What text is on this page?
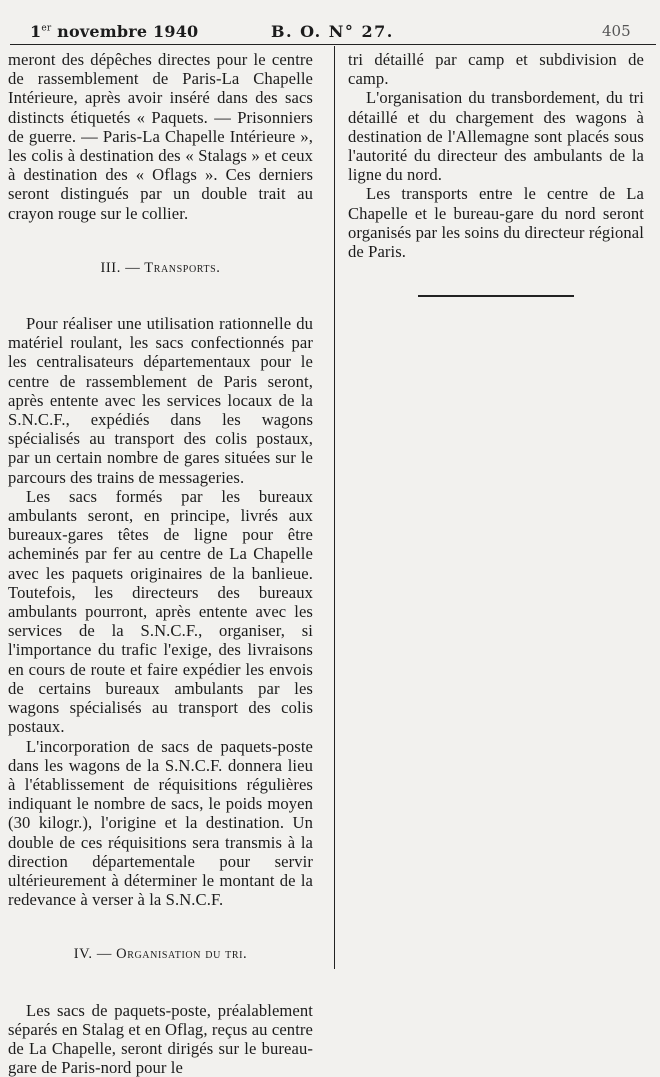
1er novembre 1940	B. O. N° 27.	405

meront des dépêches directes pour le centre de rassemblement de Paris-La Chapelle Intérieure, après avoir inséré dans des sacs distincts étiquetés « Paquets. — Prisonniers de guerre. — Paris-La Chapelle Intérieure », les colis à destination des « Stalags » et ceux à destination des « Oflags ». Ces derniers seront distingués par un double trait au crayon rouge sur le collier.

III. — Transports.

Pour réaliser une utilisation rationnelle du matériel roulant, les sacs confectionnés par les centralisateurs départementaux pour le centre de rassemblement de Paris seront, après entente avec les services locaux de la S.N.C.F., expédiés dans les wagons spécialisés au transport des colis postaux, par un certain nombre de gares situées sur le parcours des trains de messageries.

Les sacs formés par les bureaux ambulants seront, en principe, livrés aux bureaux-gares têtes de ligne pour être acheminés par fer au centre de La Chapelle avec les paquets originaires de la banlieue. Toutefois, les directeurs des bureaux ambulants pourront, après entente avec les services de la S.N.C.F., organiser, si l'importance du trafic l'exige, des livraisons en cours de route et faire expédier les envois de certains bureaux ambulants par les wagons spécialisés au transport des colis postaux.

L'incorporation de sacs de paquets-poste dans les wagons de la S.N.C.F. donnera lieu à l'établissement de réquisitions régulières indiquant le nombre de sacs, le poids moyen (30 kilogr.), l'origine et la destination. Un double de ces réquisitions sera transmis à la direction départementale pour servir ultérieurement à déterminer le montant de la redevance à verser à la S.N.C.F.

IV. — Organisation du tri.

Les sacs de paquets-poste, préalablement séparés en Stalag et en Oflag, reçus au centre de La Chapelle, seront dirigés sur le bureau-gare de Paris-nord pour le

tri détaillé par camp et subdivision de camp.

L'organisation du transbordement, du tri détaillé et du chargement des wagons à destination de l'Allemagne sont placés sous l'autorité du directeur des ambulants de la ligne du nord.

Les transports entre le centre de La Chapelle et le bureau-gare du nord seront organisés par les soins du directeur régional de Paris.
